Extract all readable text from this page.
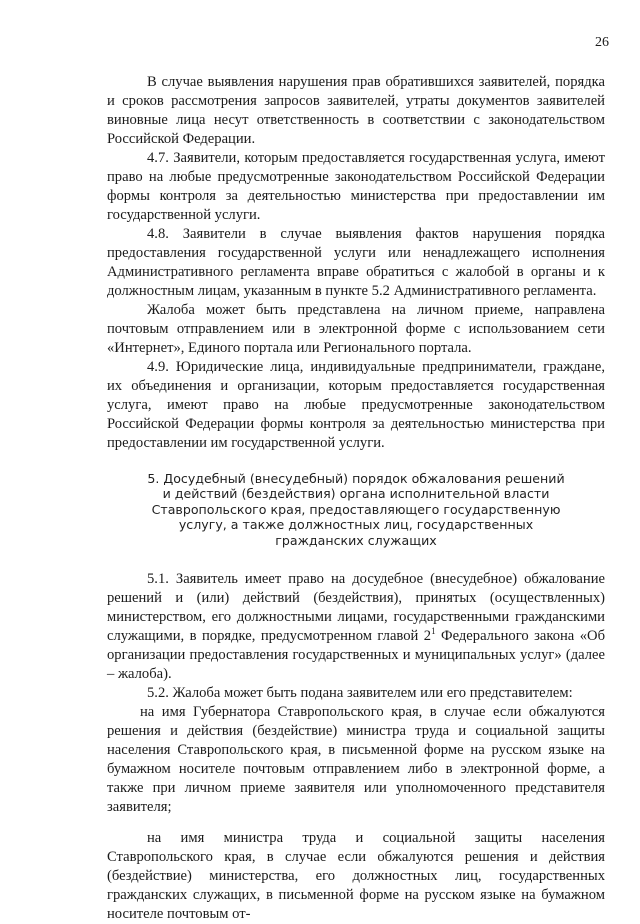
26

В случае выявления нарушения прав обратившихся заявителей, порядка и сроков рассмотрения запросов заявителей, утраты документов заявителей виновные лица несут ответственность в соответствии с законодательством Российской Федерации.

4.7. Заявители, которым предоставляется государственная услуга, имеют право на любые предусмотренные законодательством Российской Федерации формы контроля за деятельностью министерства при предоставлении им государственной услуги.

4.8. Заявители в случае выявления фактов нарушения порядка предоставления государственной услуги или ненадлежащего исполнения Административного регламента вправе обратиться с жалобой в органы и к должностным лицам, указанным в пункте 5.2 Административного регламента.

Жалоба может быть представлена на личном приеме, направлена почтовым отправлением или в электронной форме с использованием сети «Интернет», Единого портала или Регионального портала.

4.9. Юридические лица, индивидуальные предприниматели, граждане, их объединения и организации, которым предоставляется государственная услуга, имеют право на любые предусмотренные законодательством Российской Федерации формы контроля за деятельностью министерства при предоставлении им государственной услуги.

5. Досудебный (внесудебный) порядок обжалования решений

и действий (бездействия) органа исполнительной власти

Ставропольского края, предоставляющего государственную

услугу, а также должностных лиц, государственных

гражданских служащих

5.1. Заявитель имеет право на досудебное (внесудебное) обжалование решений и (или) действий (бездействия), принятых (осуществленных) министерством, его должностными лицами, государственными гражданскими служащими, в порядке, предусмотренном главой $2^1$ Федерального закона «Об организации предоставления государственных и муниципальных услуг» (далее – жалоба).

5.2. Жалоба может быть подана заявителем или его представителем:

на имя Губернатора Ставропольского края, в случае если обжалуются решения и действия (бездействие) министра труда и социальной защиты населения Ставропольского края, в письменной форме на русском языке на бумажном носителе почтовым отправлением либо в электронной форме, а также при личном приеме заявителя или уполномоченного представителя заявителя;

на имя министра труда и социальной защиты населения Ставропольского края, в случае если обжалуются решения и действия (бездействие) министерства, его должностных лиц, государственных гражданских служащих, в письменной форме на русском языке на бумажном носителе почтовым от-
